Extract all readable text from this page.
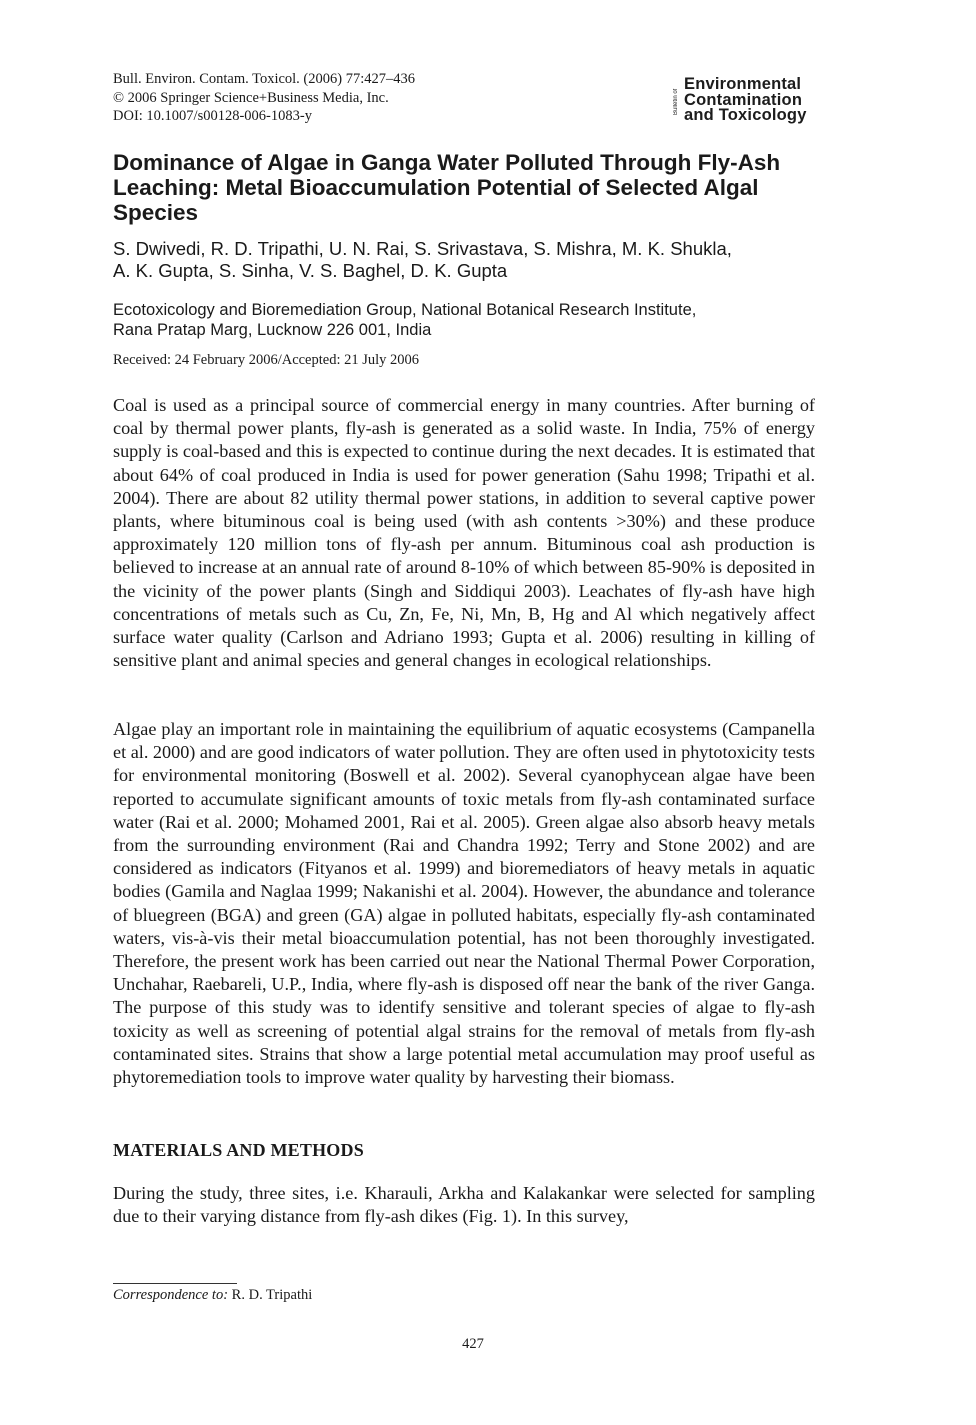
Bull. Environ. Contam. Toxicol. (2006) 77:427–436
© 2006 Springer Science+Business Media, Inc.
DOI: 10.1007/s00128-006-1083-y
Bulletin of
Environmental
Contamination
and Toxicology
Dominance of Algae in Ganga Water Polluted Through Fly-Ash Leaching: Metal Bioaccumulation Potential of Selected Algal Species
S. Dwivedi, R. D. Tripathi, U. N. Rai, S. Srivastava, S. Mishra, M. K. Shukla,
A. K. Gupta, S. Sinha, V. S. Baghel, D. K. Gupta
Ecotoxicology and Bioremediation Group, National Botanical Research Institute,
Rana Pratap Marg, Lucknow 226 001, India
Received: 24 February 2006/Accepted: 21 July 2006

Coal is used as a principal source of commercial energy in many countries. After burning of coal by thermal power plants, fly-ash is generated as a solid waste. In India, 75% of energy supply is coal-based and this is expected to continue during the next decades. It is estimated that about 64% of coal produced in India is used for power generation (Sahu 1998; Tripathi et al. 2004). There are about 82 utility thermal power stations, in addition to several captive power plants, where bituminous coal is being used (with ash contents >30%) and these produce approximately 120 million tons of fly-ash per annum. Bituminous coal ash production is believed to increase at an annual rate of around 8-10% of which between 85-90% is deposited in the vicinity of the power plants (Singh and Siddiqui 2003). Leachates of fly-ash have high concentrations of metals such as Cu, Zn, Fe, Ni, Mn, B, Hg and Al which negatively affect surface water quality (Carlson and Adriano 1993; Gupta et al. 2006) resulting in killing of sensitive plant and animal species and general changes in ecological relationships.

Algae play an important role in maintaining the equilibrium of aquatic ecosystems (Campanella et al. 2000) and are good indicators of water pollution. They are often used in phytotoxicity tests for environmental monitoring (Boswell et al. 2002). Several cyanophycean algae have been reported to accumulate significant amounts of toxic metals from fly-ash contaminated surface water (Rai et al. 2000; Mohamed 2001, Rai et al. 2005). Green algae also absorb heavy metals from the surrounding environment (Rai and Chandra 1992; Terry and Stone 2002) and are considered as indicators (Fityanos et al. 1999) and bioremediators of heavy metals in aquatic bodies (Gamila and Naglaa 1999; Nakanishi et al. 2004). However, the abundance and tolerance of bluegreen (BGA) and green (GA) algae in polluted habitats, especially fly-ash contaminated waters, vis-à-vis their metal bioaccumulation potential, has not been thoroughly investigated. Therefore, the present work has been carried out near the National Thermal Power Corporation, Unchahar, Raebareli, U.P., India, where fly-ash is disposed off near the bank of the river Ganga. The purpose of this study was to identify sensitive and tolerant species of algae to fly-ash toxicity as well as screening of potential algal strains for the removal of metals from fly-ash contaminated sites. Strains that show a large potential metal accumulation may proof useful as phytoremediation tools to improve water quality by harvesting their biomass.

MATERIALS AND METHODS

During the study, three sites, i.e. Kharauli, Arkha and Kalakankar were selected for sampling due to their varying distance from fly-ash dikes (Fig. 1). In this survey,

Correspondence to: R. D. Tripathi
427
